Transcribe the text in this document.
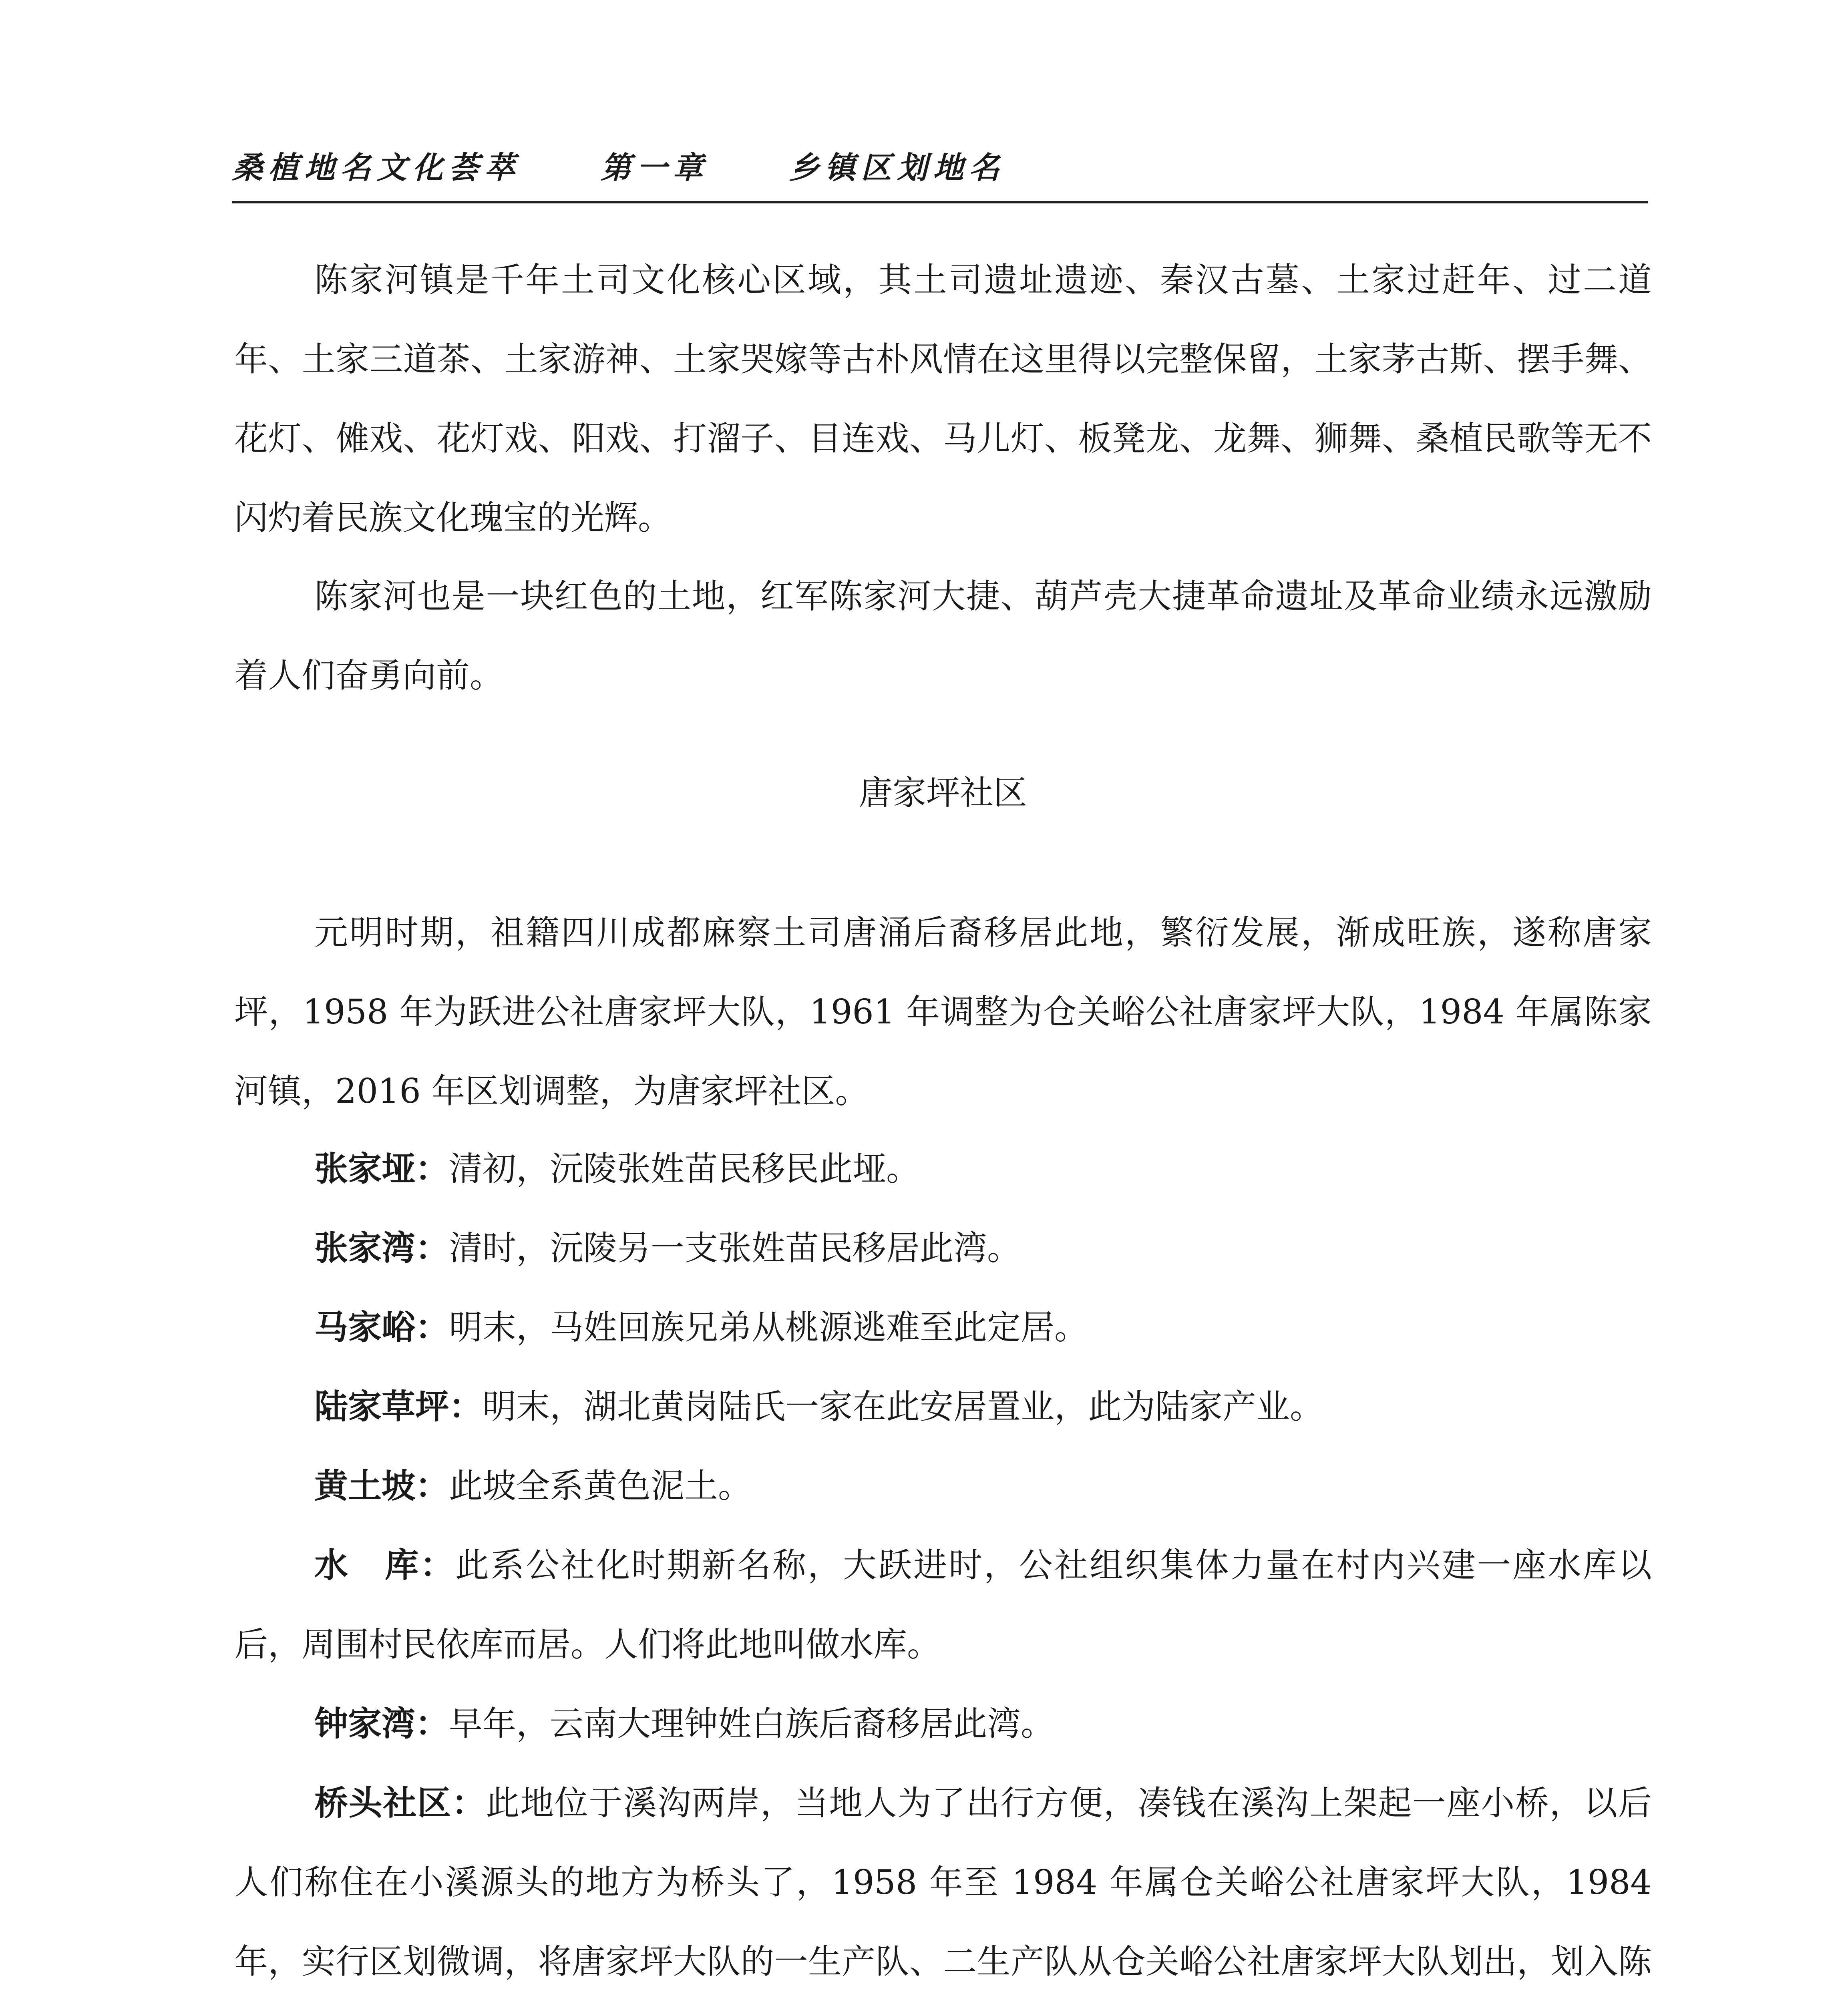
桑植地名文化荟萃	第一章	乡镇区划地名

陈家河镇是千年土司文化核心区域，其土司遗址遗迹、秦汉古墓、土家过赶年、过二道年、土家三道茶、土家游神、土家哭嫁等古朴风情在这里得以完整保留，土家茅古斯、摆手舞、花灯、傩戏、花灯戏、阳戏、打溜子、目连戏、马儿灯、板凳龙、龙舞、狮舞、桑植民歌等无不闪灼着民族文化瑰宝的光辉。

陈家河也是一块红色的土地，红军陈家河大捷、葫芦壳大捷革命遗址及革命业绩永远激励着人们奋勇向前。

唐家坪社区

元明时期，祖籍四川成都麻察土司唐涌后裔移居此地，繁衍发展，渐成旺族，遂称唐家坪，1958 年为跃进公社唐家坪大队，1961 年调整为仓关峪公社唐家坪大队，1984 年属陈家河镇，2016 年区划调整，为唐家坪社区。

张家垭：清初，沅陵张姓苗民移民此垭。

张家湾：清时，沅陵另一支张姓苗民移居此湾。

马家峪：明末，马姓回族兄弟从桃源逃难至此定居。

陆家草坪：明末，湖北黄岗陆氏一家在此安居置业，此为陆家产业。

黄土坡：此坡全系黄色泥土。

水　库：此系公社化时期新名称，大跃进时，公社组织集体力量在村内兴建一座水库以后，周围村民依库而居。人们将此地叫做水库。

钟家湾：早年，云南大理钟姓白族后裔移居此湾。

桥头社区：此地位于溪沟两岸，当地人为了出行方便，凑钱在溪沟上架起一座小桥，以后人们称住在小溪源头的地方为桥头了，1958 年至 1984 年属仓关峪公社唐家坪大队，1984 年，实行区划微调，将唐家坪大队的一生产队、二生产队从仓关峪公社唐家坪大队划出，划入陈
